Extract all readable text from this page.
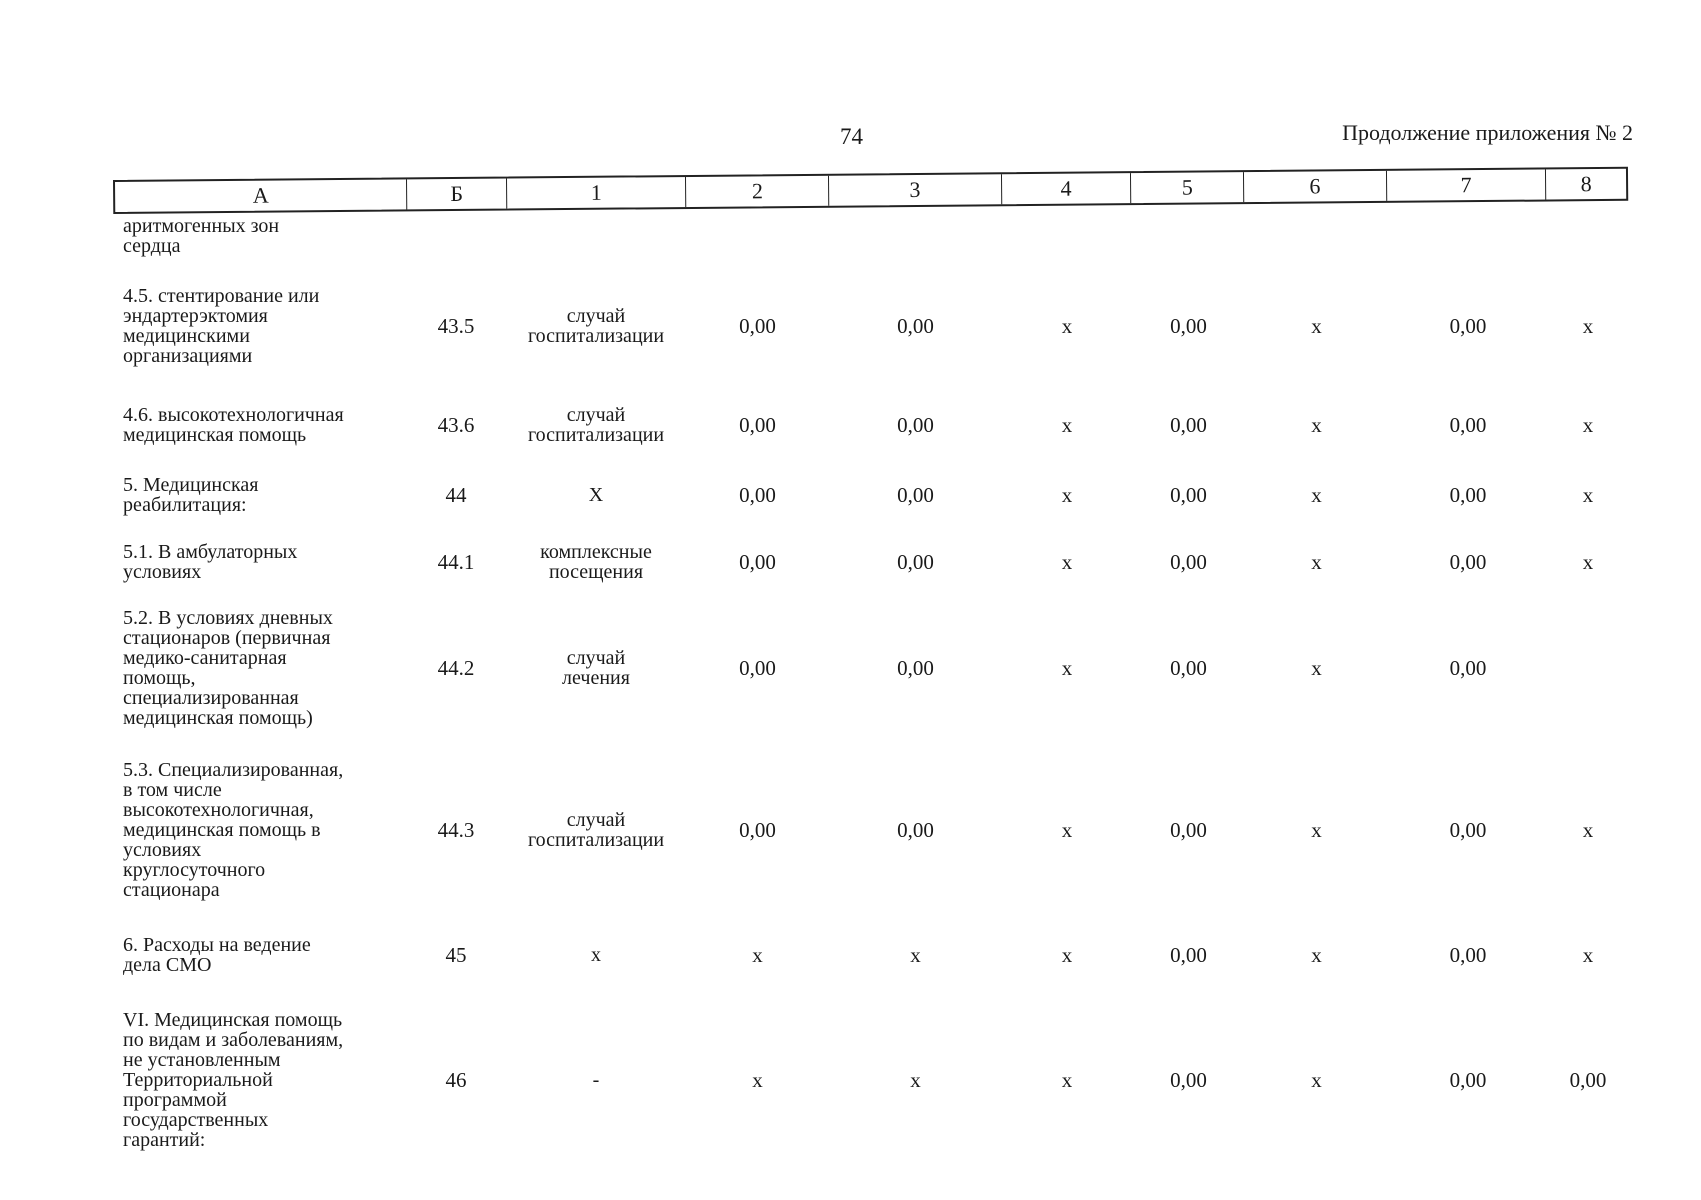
74	Продолжение приложения № 2
А	Б	1	2	3	4	5	6	7	8
аритмогенных зон
сердца
4.5. стентирование или
эндартерэктомия
медицинскими
организациями
43.5	случай
госпитализации	0,00	0,00	х	0,00	х	0,00	х
4.6. высокотехнологичная
медицинская помощь	43.6	случай
госпитализации	0,00	0,00	х	0,00	х	0,00	х
5. Медицинская
реабилитация:	44	Х	0,00	0,00	х	0,00	х	0,00	х
5.1. В амбулаторных
условиях	44.1	комплексные
посещения	0,00	0,00	х	0,00	х	0,00	х
5.2. В условиях дневных
стационаров (первичная
медико-санитарная
помощь,
специализированная
медицинская помощь)
44.2	случай
лечения	0,00	0,00	х	0,00	х	0,00
5.3. Специализированная,
в том числе
высокотехнологичная,
медицинская помощь в
условиях
круглосуточного
стационара
44.3	случай
госпитализации	0,00	0,00	х	0,00	х	0,00	х
6. Расходы на ведение
дела СМО	45	х	х	х	х	0,00	х	0,00	х
VI. Медицинская помощь
по видам и заболеваниям,
не установленным
Территориальной
программой
государственных
гарантий:
46	-	х	х	х	0,00	х	0,00	0,00
